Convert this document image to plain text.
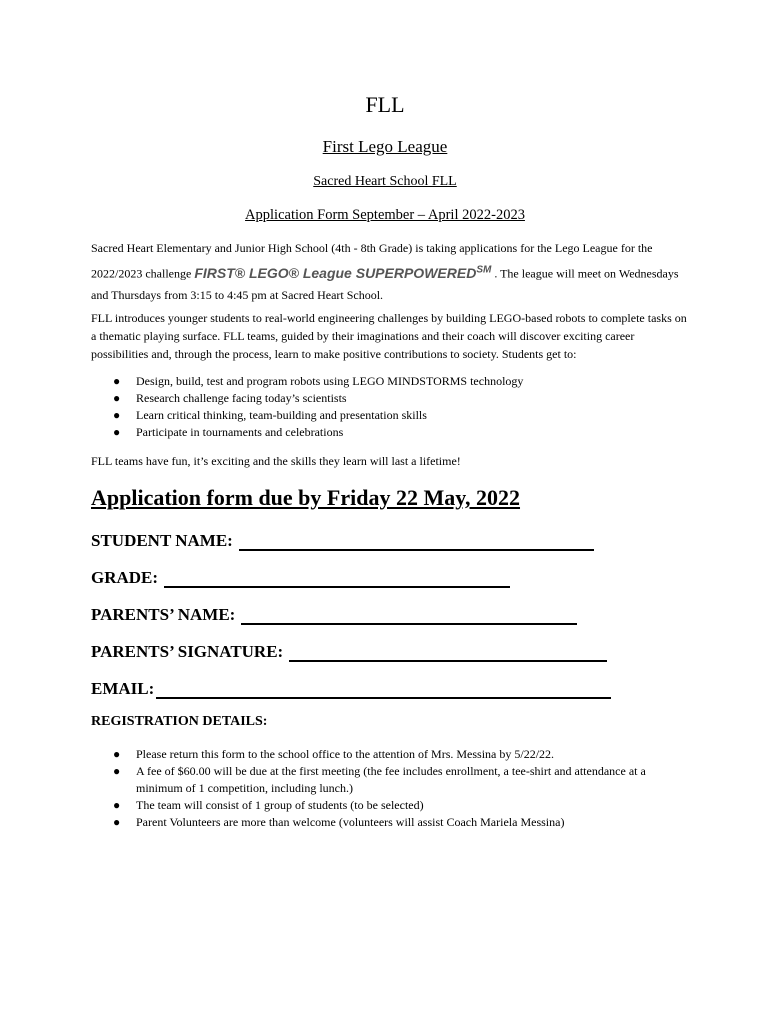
FLL
First Lego League
Sacred Heart School FLL
Application Form September – April 2022-2023
Sacred Heart Elementary and Junior High School (4th - 8th Grade) is taking applications for the Lego League for the 2022/2023 challenge FIRST® LEGO® League SUPERPOWERED℠ . The league will meet on Wednesdays and Thursdays from 3:15 to 4:45 pm at Sacred Heart School.
FLL introduces younger students to real-world engineering challenges by building LEGO-based robots to complete tasks on a thematic playing surface. FLL teams, guided by their imaginations and their coach will discover exciting career possibilities and, through the process, learn to make positive contributions to society. Students get to:
● Design, build, test and program robots using LEGO MINDSTORMS technology
● Research challenge facing today’s scientists
● Learn critical thinking, team-building and presentation skills
● Participate in tournaments and celebrations
FLL teams have fun, it’s exciting and the skills they learn will last a lifetime!
Application form due by Friday 22 May, 2022
STUDENT NAME:
GRADE:
PARENTS’ NAME:
PARENTS’ SIGNATURE:
EMAIL:
REGISTRATION DETAILS:
● Please return this form to the school office to the attention of Mrs. Messina by 5/22/22.
● A fee of $60.00 will be due at the first meeting (the fee includes enrollment, a tee-shirt and attendance at a minimum of 1 competition, including lunch.)
● The team will consist of 1 group of students (to be selected)
● Parent Volunteers are more than welcome (volunteers will assist Coach Mariela Messina)
